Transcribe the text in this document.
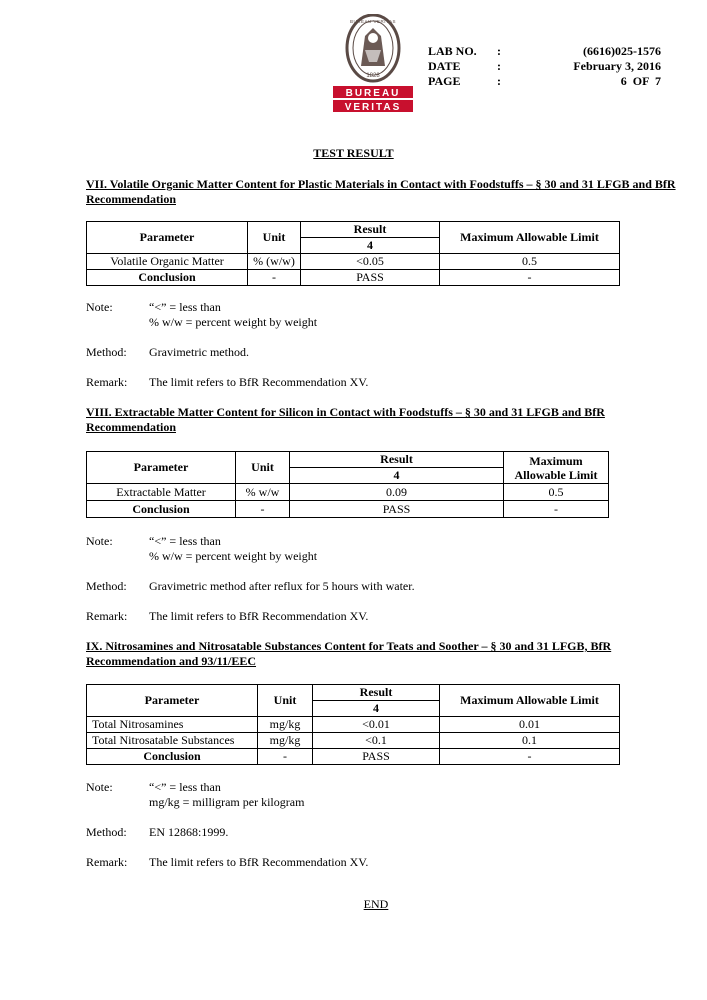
BUREAU
VERITAS
1828
BUREAU VERITAS
LAB NO. :	(6616)025-1576
DATE	:	February 3, 2016
PAGE	:	6  OF  7
TEST RESULT
VII. Volatile Organic Matter Content for Plastic Materials in Contact with Foodstuffs – § 30 and 31 LFGB and BfR Recommendation
Parameter	Unit	Result	Maximum Allowable Limit
		4	
Volatile Organic Matter	% (w/w)	<0.05	0.5
Conclusion	-	PASS	-
Note:	“<” = less than
% w/w = percent weight by weight
Method: Gravimetric method.
Remark: The limit refers to BfR Recommendation XV.
VIII. Extractable Matter Content for Silicon in Contact with Foodstuffs – § 30 and 31 LFGB and BfR Recommendation
Parameter	Unit	Result	Maximum
Allowable Limit
		4	
Extractable Matter	% w/w	0.09	0.5
Conclusion	-	PASS	-
Note:	“<” = less than
% w/w = percent weight by weight
Method: Gravimetric method after reflux for 5 hours with water.
Remark: The limit refers to BfR Recommendation XV.
IX. Nitrosamines and Nitrosatable Substances Content for Teats and Soother – § 30 and 31 LFGB, BfR Recommendation and 93/11/EEC
Parameter	Unit	Result	Maximum Allowable Limit
		4	
Total Nitrosamines	mg/kg	<0.01	0.01
Total Nitrosatable Substances	mg/kg	<0.1	0.1
Conclusion	-	PASS	-
Note:	“<” = less than
mg/kg = milligram per kilogram
Method: EN 12868:1999.
Remark: The limit refers to BfR Recommendation XV.
END
